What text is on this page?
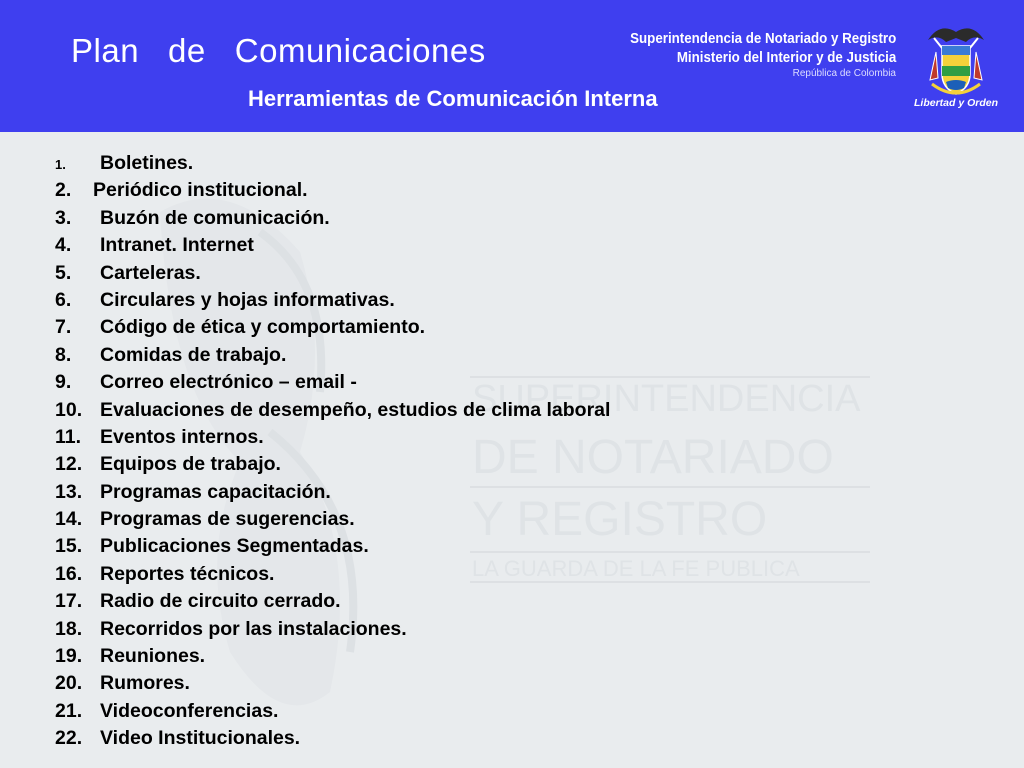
Plan   de   Comunicaciones
Herramientas de Comunicación Interna
Superintendencia de Notariado y Registro
Ministerio del Interior y de Justicia
República de Colombia
Libertad y Orden
SUPERINTENDENCIA
DE NOTARIADO
Y REGISTRO
LA GUARDA DE LA FE PUBLICA
1. Boletines.
2. Periódico institucional.
3. Buzón de comunicación.
4. Intranet. Internet
5. Carteleras.
6. Circulares y hojas informativas.
7. Código de ética y comportamiento.
8. Comidas de trabajo.
9. Correo electrónico – email -
10. Evaluaciones de desempeño, estudios de clima laboral
11. Eventos internos.
12. Equipos de trabajo.
13. Programas capacitación.
14. Programas de sugerencias.
15. Publicaciones Segmentadas.
16. Reportes técnicos.
17. Radio de circuito cerrado.
18. Recorridos por las instalaciones.
19. Reuniones.
20. Rumores.
21. Videoconferencias.
22. Video Institucionales.
